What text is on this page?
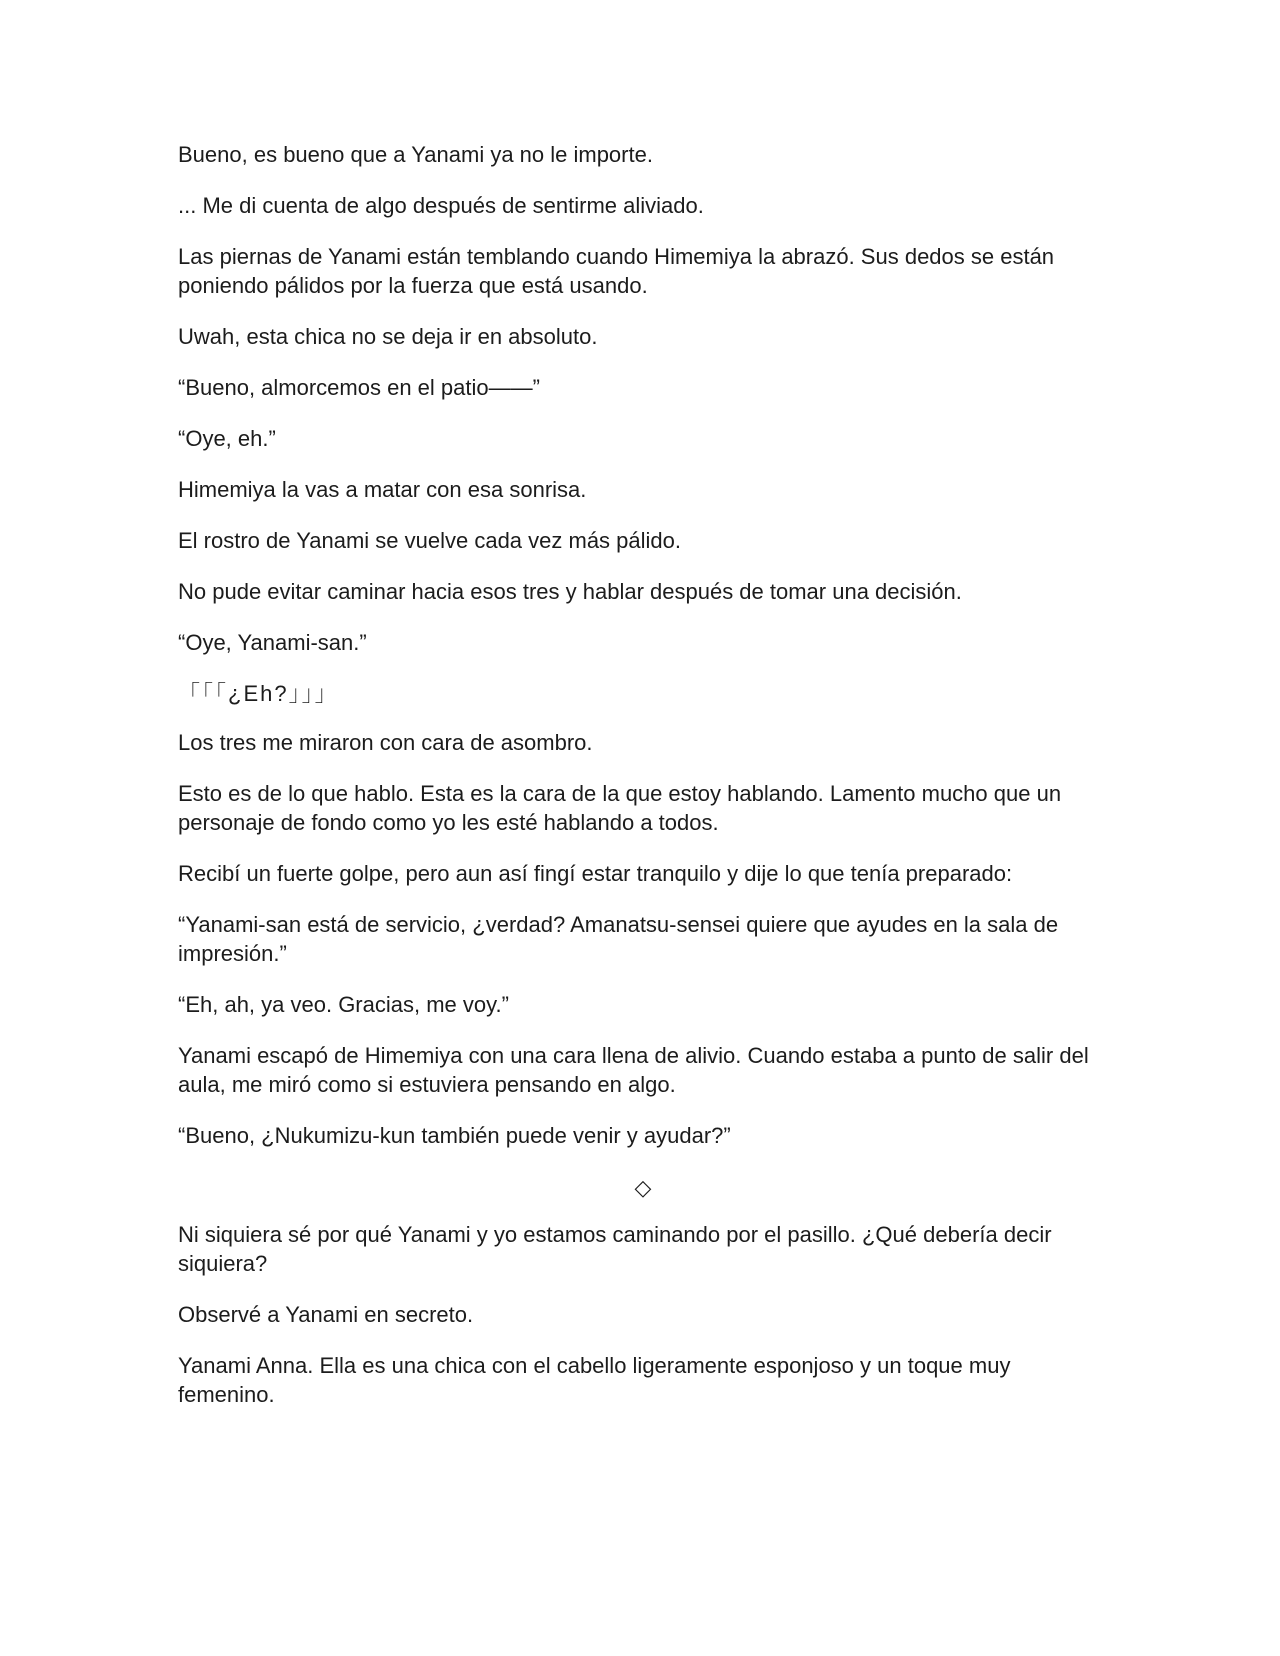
Bueno, es bueno que a Yanami ya no le importe.

... Me di cuenta de algo después de sentirme aliviado.

Las piernas de Yanami están temblando cuando Himemiya la abrazó. Sus dedos se están poniendo pálidos por la fuerza que está usando.

Uwah, esta chica no se deja ir en absoluto.

“Bueno, almorcemos en el patio——”

“Oye, eh.”

Himemiya la vas a matar con esa sonrisa.

El rostro de Yanami se vuelve cada vez más pálido.

No pude evitar caminar hacia esos tres y hablar después de tomar una decisión.

“Oye, Yanami-san.”

「「「¿Eh?」」」

Los tres me miraron con cara de asombro.

Esto es de lo que hablo. Esta es la cara de la que estoy hablando. Lamento mucho que un personaje de fondo como yo les esté hablando a todos.

Recibí un fuerte golpe, pero aun así fingí estar tranquilo y dije lo que tenía preparado:

“Yanami-san está de servicio, ¿verdad? Amanatsu-sensei quiere que ayudes en la sala de impresión.”

“Eh, ah, ya veo. Gracias, me voy.”

Yanami escapó de Himemiya con una cara llena de alivio. Cuando estaba a punto de salir del aula, me miró como si estuviera pensando en algo.

“Bueno, ¿Nukumizu-kun también puede venir y ayudar?”

◇

Ni siquiera sé por qué Yanami y yo estamos caminando por el pasillo. ¿Qué debería decir siquiera?

Observé a Yanami en secreto.

Yanami Anna. Ella es una chica con el cabello ligeramente esponjoso y un toque muy femenino.
